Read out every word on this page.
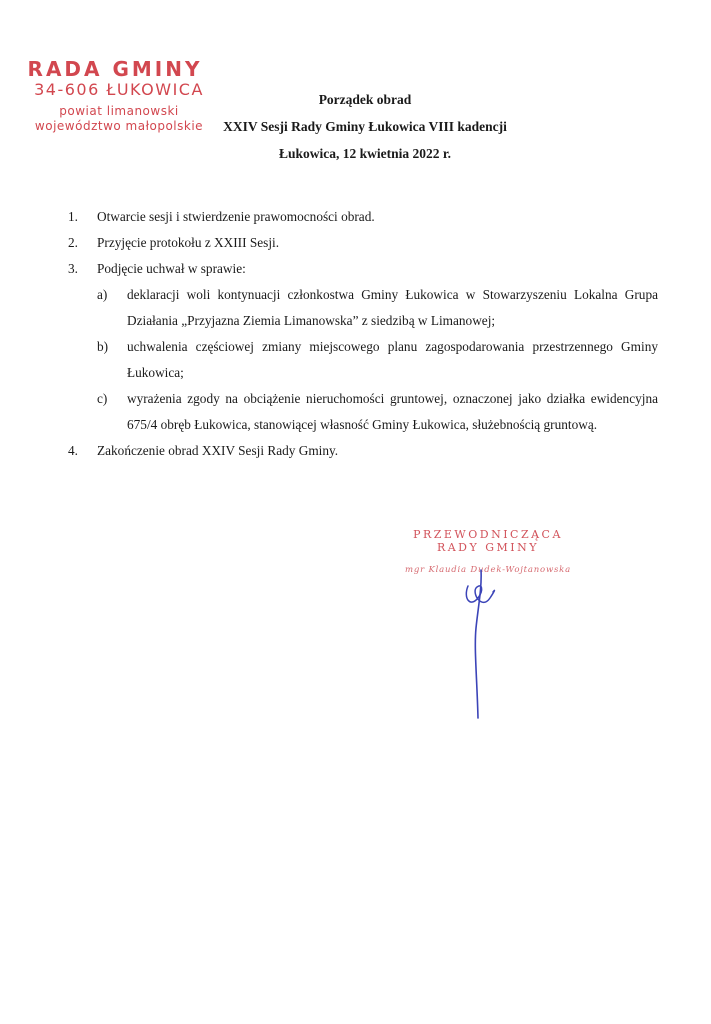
RADA GMINY
34-606 ŁUKOWICA
powiat limanowski
województwo małopolskie
Porządek obrad
XXIV Sesji Rady Gminy Łukowica VIII kadencji
Łukowica, 12 kwietnia 2022 r.
1. Otwarcie sesji i stwierdzenie prawomocności obrad.
2. Przyjęcie protokołu z XXIII Sesji.
3. Podjęcie uchwał w sprawie:
a) deklaracji woli kontynuacji członkostwa Gminy Łukowica w Stowarzyszeniu Lokalna Grupa Działania „Przyjazna Ziemia Limanowska” z siedzibą w Limanowej;
b) uchwalenia częściowej zmiany miejscowego planu zagospodarowania przestrzennego Gminy Łukowica;
c) wyrażenia zgody na obciążenie nieruchomości gruntowej, oznaczonej jako działka ewidencyjna 675/4 obręb Łukowica, stanowiącej własność Gminy Łukowica, służebnością gruntową.
4. Zakończenie obrad XXIV Sesji Rady Gminy.
PRZEWODNICZĄCA
RADY GMINY
mgr Klaudia Dudek-Wojtanowska
